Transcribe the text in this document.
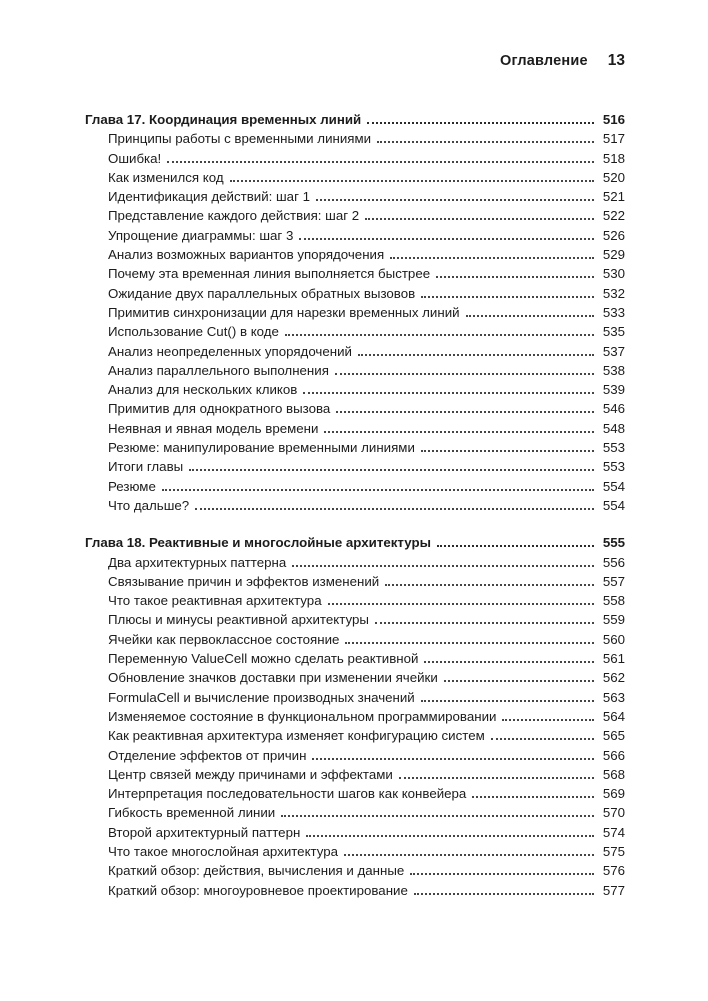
Оглавление 13
Глава 17. Координация временных линий	516
Принципы работы с временными линиями	517
Ошибка!	518
Как изменился код	520
Идентификация действий: шаг 1	521
Представление каждого действия: шаг 2	522
Упрощение диаграммы: шаг 3	526
Анализ возможных вариантов упорядочения	529
Почему эта временная линия выполняется быстрее	530
Ожидание двух параллельных обратных вызовов	532
Примитив синхронизации для нарезки временных линий	533
Использование Cut() в коде	535
Анализ неопределенных упорядочений	537
Анализ параллельного выполнения	538
Анализ для нескольких кликов	539
Примитив для однократного вызова	546
Неявная и явная модель времени	548
Резюме: манипулирование временными линиями	553
Итоги главы	553
Резюме	554
Что дальше?	554
Глава 18. Реактивные и многослойные архитектуры	555
Два архитектурных паттерна	556
Связывание причин и эффектов изменений	557
Что такое реактивная архитектура	558
Плюсы и минусы реактивной архитектуры	559
Ячейки как первоклассное состояние	560
Переменную ValueCell можно сделать реактивной	561
Обновление значков доставки при изменении ячейки	562
FormulaCell и вычисление производных значений	563
Изменяемое состояние в функциональном программировании	564
Как реактивная архитектура изменяет конфигурацию систем	565
Отделение эффектов от причин	566
Центр связей между причинами и эффектами	568
Интерпретация последовательности шагов как конвейера	569
Гибкость временной линии	570
Второй архитектурный паттерн	574
Что такое многослойная архитектура	575
Краткий обзор: действия, вычисления и данные	576
Краткий обзор: многоуровневое проектирование	577
